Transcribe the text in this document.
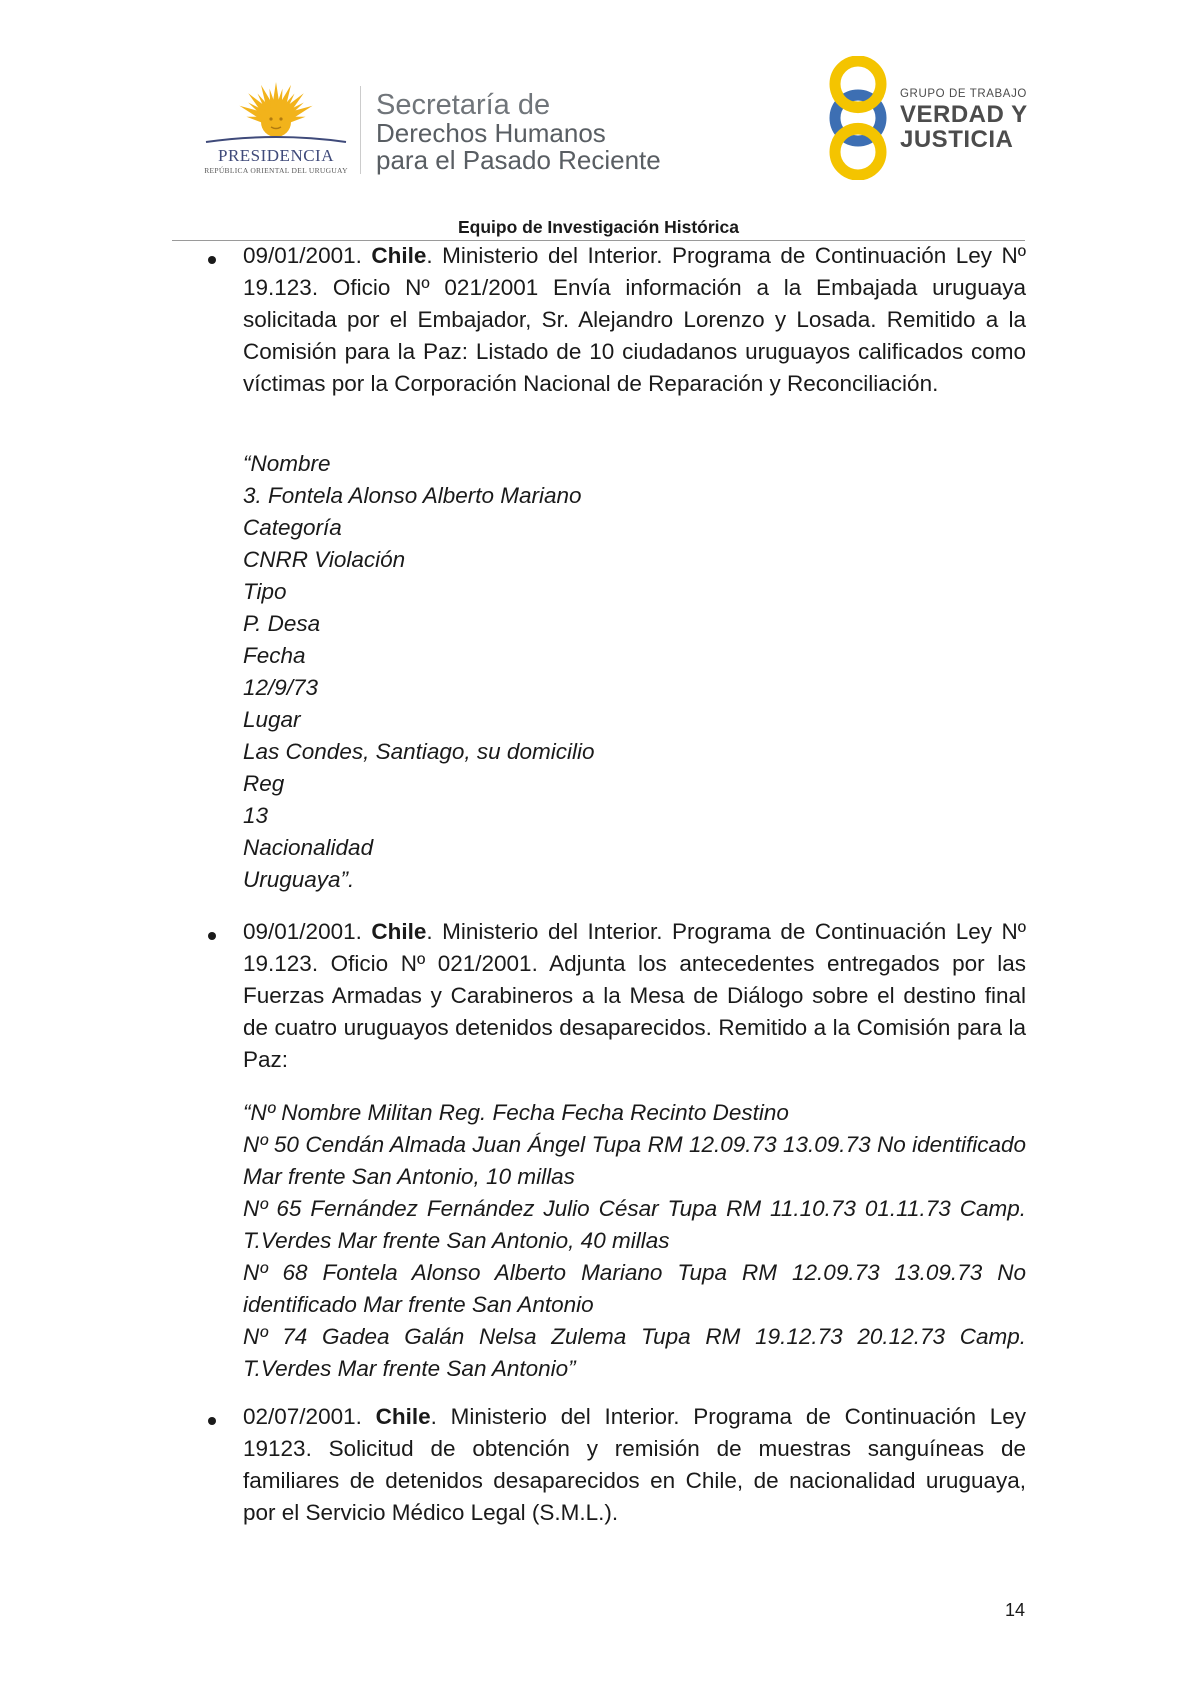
PRESIDENCIA
REPÚBLICA ORIENTAL DEL URUGUAY
Secretaría de
Derechos Humanos
para el Pasado Reciente
GRUPO DE TRABAJO
VERDAD Y
JUSTICIA
Equipo de Investigación Histórica
09/01/2001. Chile. Ministerio del Interior. Programa de Continuación Ley Nº 19.123. Oficio Nº 021/2001 Envía información a la Embajada uruguaya solicitada por el Embajador, Sr. Alejandro Lorenzo y Losada. Remitido a la Comisión para la Paz: Listado de 10 ciudadanos uruguayos calificados como víctimas por la Corporación Nacional de Reparación y Reconciliación.
“Nombre
3. Fontela Alonso Alberto Mariano
Categoría
CNRR Violación
Tipo
P. Desa
Fecha
12/9/73
Lugar
Las Condes, Santiago, su domicilio
Reg
13
Nacionalidad
Uruguaya”.
09/01/2001. Chile. Ministerio del Interior. Programa de Continuación Ley Nº 19.123. Oficio Nº 021/2001. Adjunta los antecedentes entregados por las Fuerzas Armadas y Carabineros a la Mesa de Diálogo sobre el destino final de cuatro uruguayos detenidos desaparecidos. Remitido a la Comisión para la Paz:
“Nº Nombre Militan Reg. Fecha Fecha Recinto Destino
Nº 50 Cendán Almada Juan Ángel Tupa RM 12.09.73 13.09.73 No identificado Mar frente San Antonio, 10 millas
Nº 65 Fernández Fernández Julio César Tupa RM 11.10.73 01.11.73 Camp. T.Verdes Mar frente San Antonio, 40 millas
Nº 68 Fontela Alonso Alberto Mariano Tupa RM 12.09.73 13.09.73 No identificado Mar frente San Antonio
Nº 74 Gadea Galán Nelsa Zulema Tupa RM 19.12.73 20.12.73 Camp. T.Verdes Mar frente San Antonio”
02/07/2001. Chile. Ministerio del Interior. Programa de Continuación Ley 19123. Solicitud de obtención y remisión de muestras sanguíneas de familiares de detenidos desaparecidos en Chile, de nacionalidad uruguaya, por el Servicio Médico Legal (S.M.L.).
14
